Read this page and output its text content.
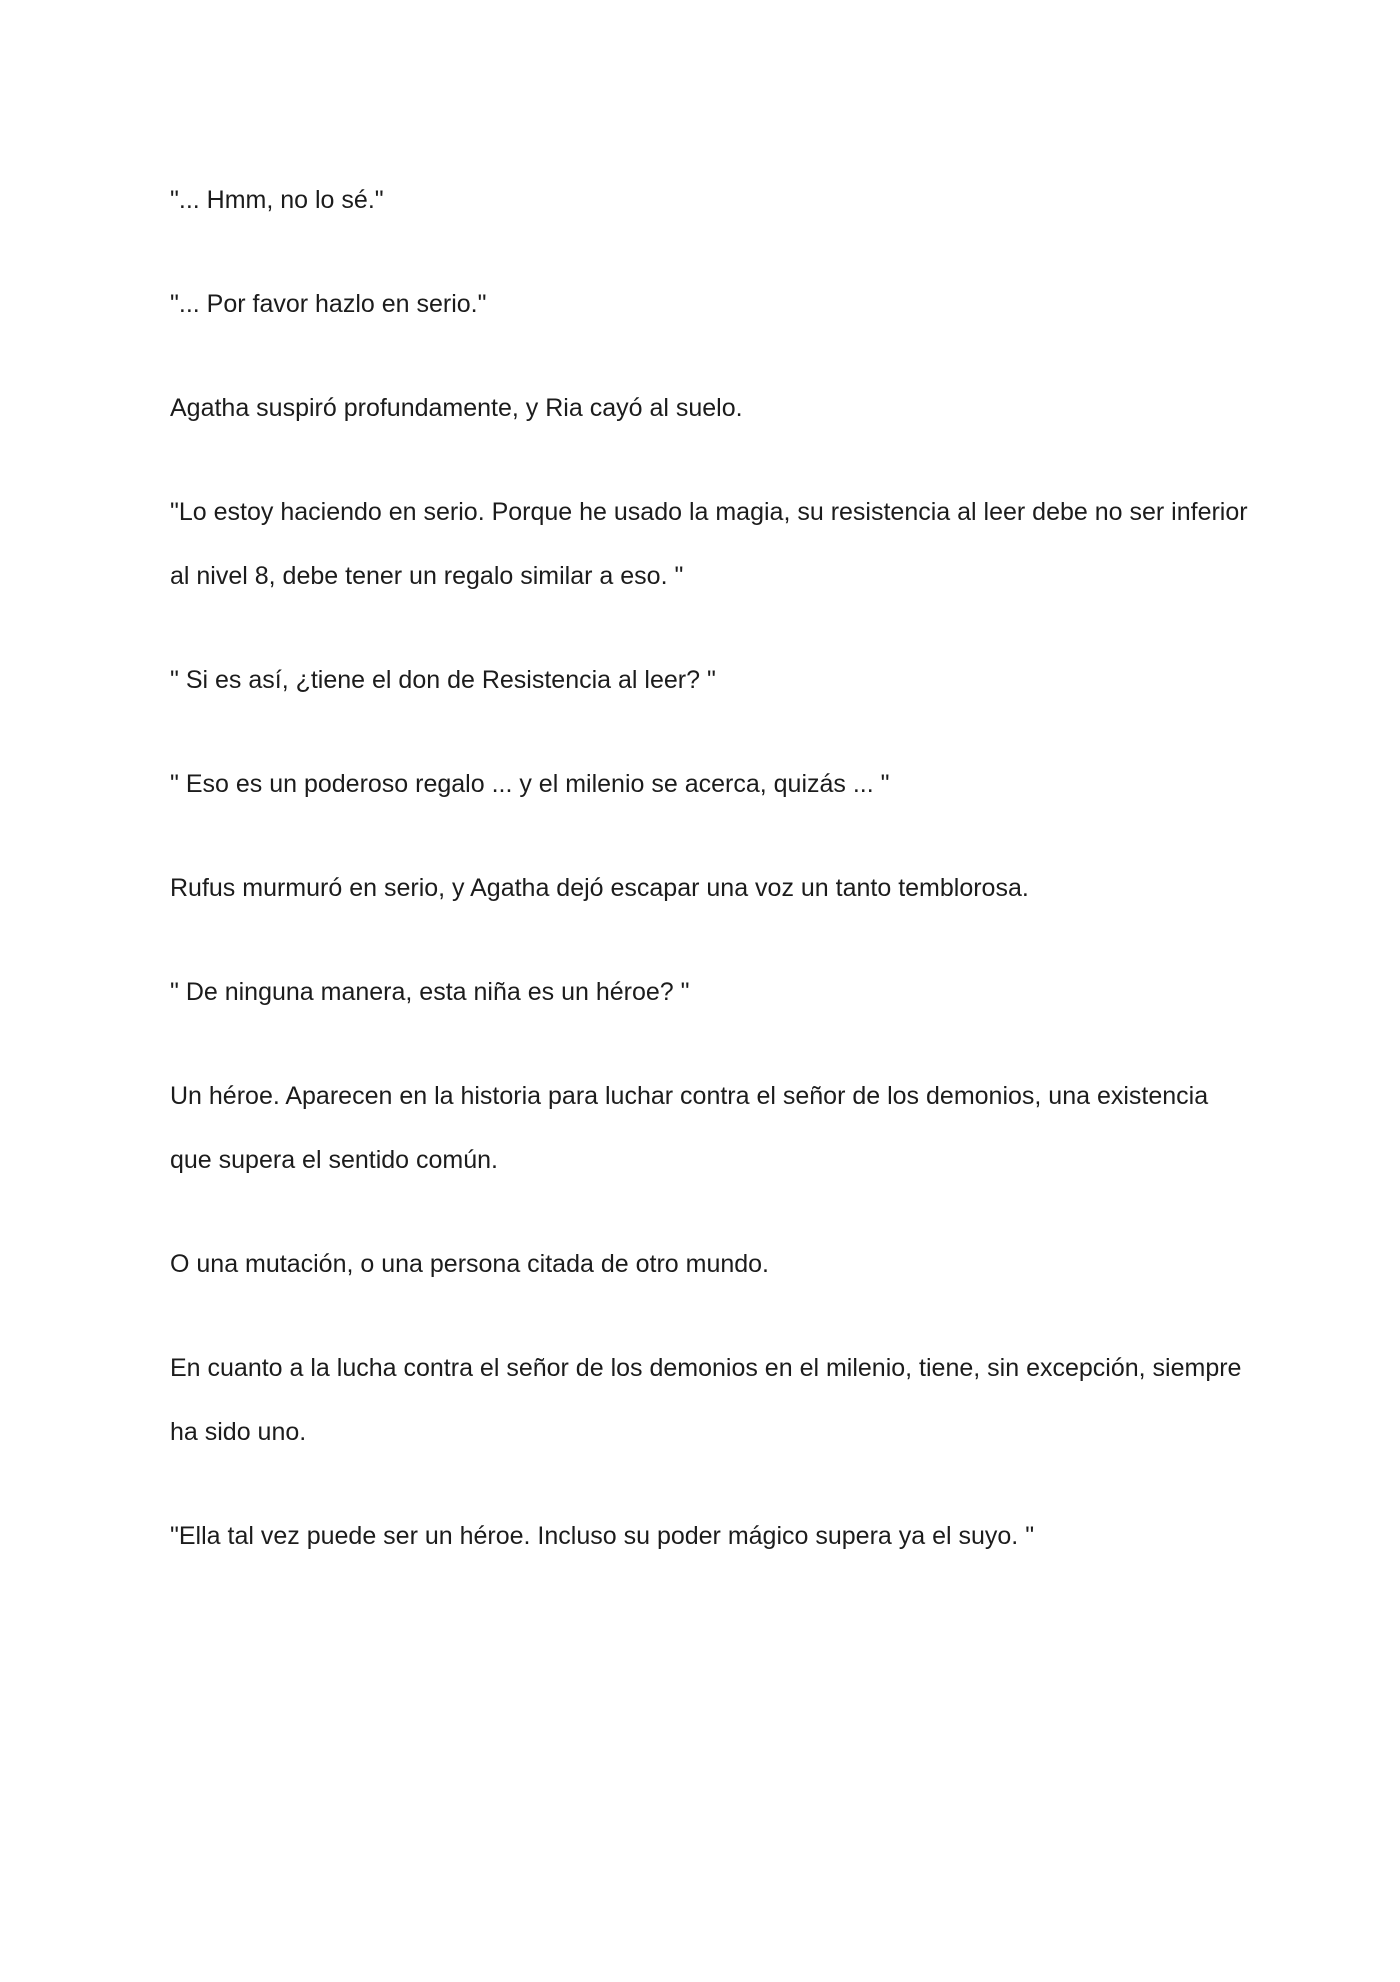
"... Hmm, no lo sé."

"... Por favor hazlo en serio."

Agatha suspiró profundamente, y Ria cayó al suelo.

"Lo estoy haciendo en serio. Porque he usado la magia, su resistencia al leer debe no ser inferior al nivel 8, debe tener un regalo similar a eso. "

" Si es así, ¿tiene el don de Resistencia al leer? "

" Eso es un poderoso regalo ... y el milenio se acerca, quizás ... "

Rufus murmuró en serio, y Agatha dejó escapar una voz un tanto temblorosa.

" De ninguna manera, esta niña es un héroe? "

Un héroe. Aparecen en la historia para luchar contra el señor de los demonios, una existencia que supera el sentido común.

O una mutación, o una persona citada de otro mundo.

En cuanto a la lucha contra el señor de los demonios en el milenio, tiene, sin excepción, siempre ha sido uno.

"Ella tal vez puede ser un héroe. Incluso su poder mágico supera ya el suyo. "
